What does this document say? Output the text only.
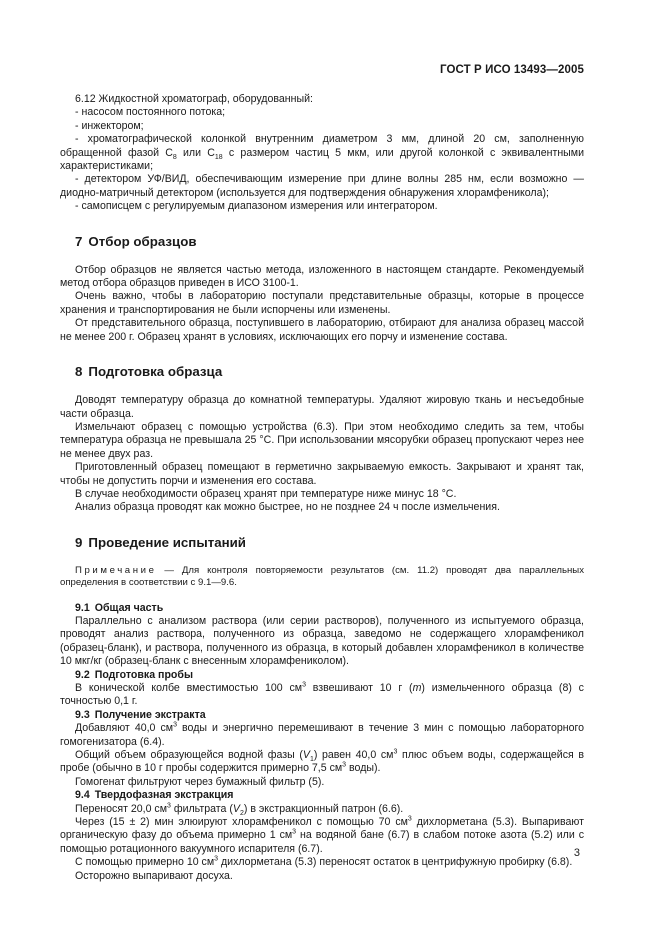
ГОСТ Р ИСО 13493—2005

6.12 Жидкостной хроматограф, оборудованный:

- насосом постоянного потока;

- инжектором;

- хроматографической колонкой внутренним диаметром 3 мм, длиной 20 см, заполненную обращенной фазой $C_8$ или $C_{18}$ с размером частиц 5 мкм, или другой колонкой с эквивалентными характеристиками;

- детектором УФ/ВИД, обеспечивающим измерение при длине волны 285 нм, если возможно — диодно-матричный детектором (используется для подтверждения обнаружения хлорамфеникола);

- самописцем с регулируемым диапазоном измерения или интегратором.

7 Отбор образцов

Отбор образцов не является частью метода, изложенного в настоящем стандарте. Рекомендуемый метод отбора образцов приведен в ИСО 3100-1.

Очень важно, чтобы в лабораторию поступали представительные образцы, которые в процессе хранения и транспортирования не были испорчены или изменены.

От представительного образца, поступившего в лабораторию, отбирают для анализа образец массой не менее 200 г. Образец хранят в условиях, исключающих его порчу и изменение состава.

8 Подготовка образца

Доводят температуру образца до комнатной температуры. Удаляют жировую ткань и несъедобные части образца.

Измельчают образец с помощью устройства (6.3). При этом необходимо следить за тем, чтобы температура образца не превышала 25 °С. При использовании мясорубки образец пропускают через нее не менее двух раз.

Приготовленный образец помещают в герметично закрываемую емкость. Закрывают и хранят так, чтобы не допустить порчи и изменения его состава.

В случае необходимости образец хранят при температуре ниже минус 18 °С.

Анализ образца проводят как можно быстрее, но не позднее 24 ч после измельчения.

9 Проведение испытаний

Примечание — Для контроля повторяемости результатов (см. 11.2) проводят два параллельных определения в соответствии с 9.1—9.6.

9.1 Общая часть

Параллельно с анализом раствора (или серии растворов), полученного из испытуемого образца, проводят анализ раствора, полученного из образца, заведомо не содержащего хлорамфеникол (образец-бланк), и раствора, полученного из образца, в который добавлен хлорамфеникол в количестве 10 мкг/кг (образец-бланк с внесенным хлорамфениколом).

9.2 Подготовка пробы

В конической колбе вместимостью 100 $см^3$ взвешивают 10 г (m) измельченного образца (8) с точностью 0,1 г.

9.3 Получение экстракта

Добавляют 40,0 $см^3$ воды и энергично перемешивают в течение 3 мин с помощью лабораторного гомогенизатора (6.4).

Общий объем образующейся водной фазы $(V_1)$ равен 40,0 $см^3$ плюс объем воды, содержащейся в пробе (обычно в 10 г пробы содержится примерно 7,5 $см^3$ воды).

Гомогенат фильтруют через бумажный фильтр (5).

9.4 Твердофазная экстракция

Переносят 20,0 $см^3$ фильтрата $(V_2)$ в экстракционный патрон (6.6).

Через (15 ± 2) мин элюируют хлорамфеникол с помощью 70 $см^3$ дихлорметана (5.3). Выпаривают органическую фазу до объема примерно 1 $см^3$ на водяной бане (6.7) в слабом потоке азота (5.2) или с помощью ротационного вакуумного испарителя (6.7).

С помощью примерно 10 $см^3$ дихлорметана (5.3) переносят остаток в центрифужную пробирку (6.8).

Осторожно выпаривают досуха.

3
